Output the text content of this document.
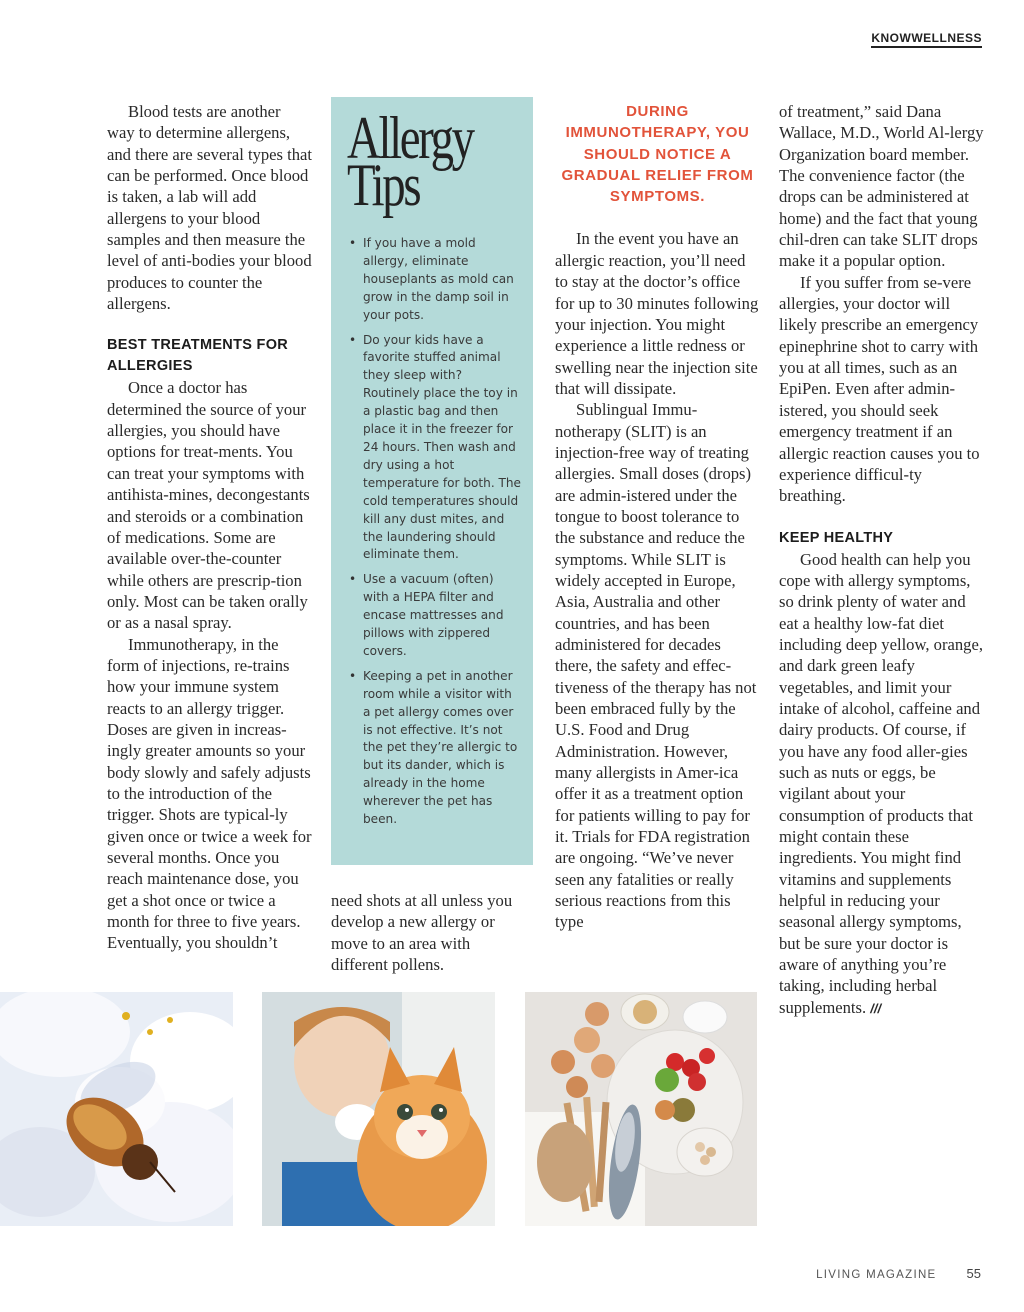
KNOWWELLNESS

Blood tests are another way to determine allergens, and there are several types that can be performed. Once blood is taken, a lab will add allergens to your blood samples and then measure the level of anti-bodies your blood produces to counter the allergens.

BEST TREATMENTS FOR ALLERGIES

Once a doctor has determined the source of your allergies, you should have options for treat-ments. You can treat your symptoms with antihista-mines, decongestants and steroids or a combination of medications. Some are available over-the-counter while others are prescrip-tion only. Most can be taken orally or as a nasal spray.

Immunotherapy, in the form of injections, re-trains how your immune system reacts to an allergy trigger. Doses are given in increas-ingly greater amounts so your body slowly and safely adjusts to the introduction of the trigger. Shots are typical-ly given once or twice a week for several months. Once you reach maintenance dose, you get a shot once or twice a month for three to five years. Eventually, you shouldn’t

Allergy
Tips
• If you have a mold allergy, eliminate houseplants as mold can grow in the damp soil in your pots.
• Do your kids have a favorite stuffed animal they sleep with? Routinely place the toy in a plastic bag and then place it in the freezer for 24 hours. Then wash and dry using a hot temperature for both. The cold temperatures should kill any dust mites, and the laundering should eliminate them.
• Use a vacuum (often) with a HEPA filter and encase mattresses and pillows with zippered covers.
• Keeping a pet in another room while a visitor with a pet allergy comes over is not effective. It’s not the pet they’re allergic to but its dander, which is already in the home wherever the pet has been.

need shots at all unless you develop a new allergy or move to an area with different pollens.

DURING IMMUNOTHERAPY, YOU SHOULD NOTICE A GRADUAL RELIEF FROM SYMPTOMS.

In the event you have an allergic reaction, you’ll need to stay at the doctor’s office for up to 30 minutes following your injection. You might experience a little redness or swelling near the injection site that will dissipate.

Sublingual Immu-notherapy (SLIT) is an injection-free way of treating allergies. Small doses (drops) are admin-istered under the tongue to boost tolerance to the substance and reduce the symptoms. While SLIT is widely accepted in Europe, Asia, Australia and other countries, and has been administered for decades there, the safety and effec-tiveness of the therapy has not been embraced fully by the U.S. Food and Drug Administration. However, many allergists in Amer-ica offer it as a treatment option for patients willing to pay for it. Trials for FDA registration are ongoing. “We’ve never seen any fatalities or really serious reactions from this type

of treatment,” said Dana Wallace, M.D., World Al-lergy Organization board member. The convenience factor (the drops can be administered at home) and the fact that young chil-dren can take SLIT drops make it a popular option.

If you suffer from se-vere allergies, your doctor will likely prescribe an emergency epinephrine shot to carry with you at all times, such as an EpiPen. Even after admin-istered, you should seek emergency treatment if an allergic reaction causes you to experience difficul-ty breathing.

KEEP HEALTHY

Good health can help you cope with allergy symptoms, so drink plenty of water and eat a healthy low-fat diet including deep yellow, orange, and dark green leafy vegetables, and limit your intake of alcohol, caffeine and dairy products. Of course, if you have any food aller-gies such as nuts or eggs, be vigilant about your consumption of products that might contain these ingredients. You might find vitamins and supplements helpful in reducing your seasonal allergy symptoms, but be sure your doctor is aware of anything you’re taking, including herbal supplements. ///

LIVING MAGAZINE 55
